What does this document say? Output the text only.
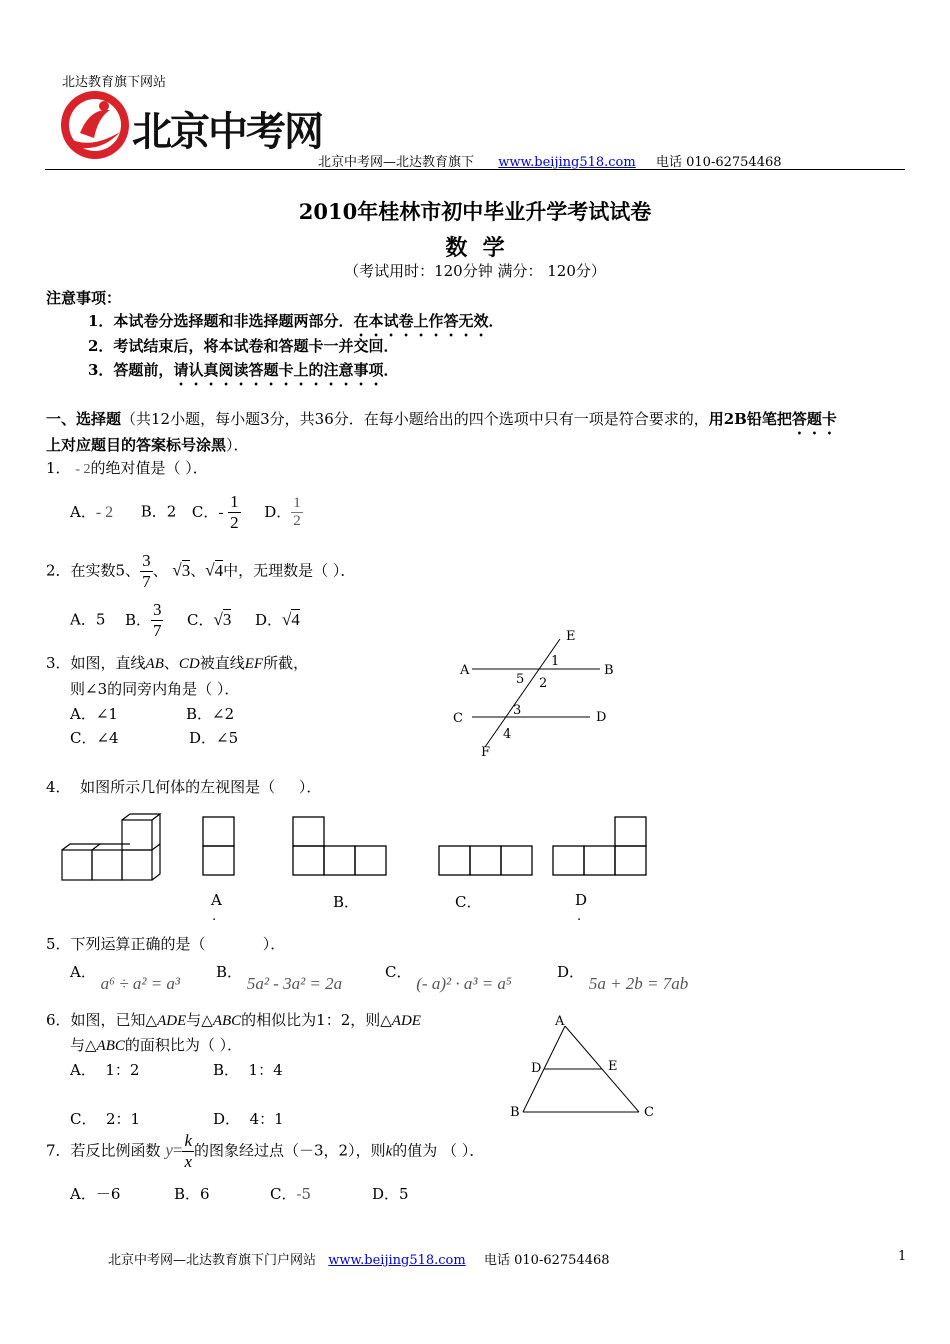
北达教育旗下网站
北京中考网
北京中考网—北达教育旗下 www.beijing518.com 电话 010-62754468
2010年桂林市初中毕业升学考试试卷
数  学
（考试用时：120分钟 满分： 120分）
注意事项：
1．本试卷分选择题和非选择题两部分．在本试卷上作答无效．
2．考试结束后，将本试卷和答题卡一并交回．
3．答题前，请认真阅读答题卡上的注意事项．
一、选择题（共12小题，每小题3分，共36分．在每小题给出的四个选项中只有一项是符合要求的，用2B铅笔把答题卡
上对应题目的答案标号涂黑）．
1． - 2的绝对值是（ ）．
A．- 2 B．2 C．- $\frac{1}{2}$ D． $\frac{1}{2}$
2．在实数5、 $\frac{3}{7}$ 、 √3、√4中，无理数是（ ）．
A．5 B． $\frac{3}{7}$ C．√3 D．√4
3．如图，直线AB、CD被直线EF所截，
则∠3的同旁内角是（ ）．
A．∠1	B．∠2
C．∠4	D．∠5
A	B
C	D
E
F
1
2
3
4
5
4．  如图所示几何体的左视图是（     ）．
A
.
B．	C．	D
.
5．下列运算正确的是（            ）．
A． a⁶ ÷ a² = a³
B． 5a² - 3a² = 2a
C． (- a)² · a³ = a⁵
D． 5a + 2b = 7ab
6．如图，已知△ADE与△ABC的相似比为1：2，则△ADE
与△ABC的面积比为（ ）．
A．  1：2	B．  1：4
C．  2：1	D．  4：1
A
B	C
D	E
7．若反比例函数 $y= \frac{k}{x}$ 的图象经过点（－3，2），则k的值为 （ ）．
A．－6	B．6	C．-5	D．5
北京中考网—北达教育旗下门户网站 www.beijing518.com 电话 010-62754468	1
